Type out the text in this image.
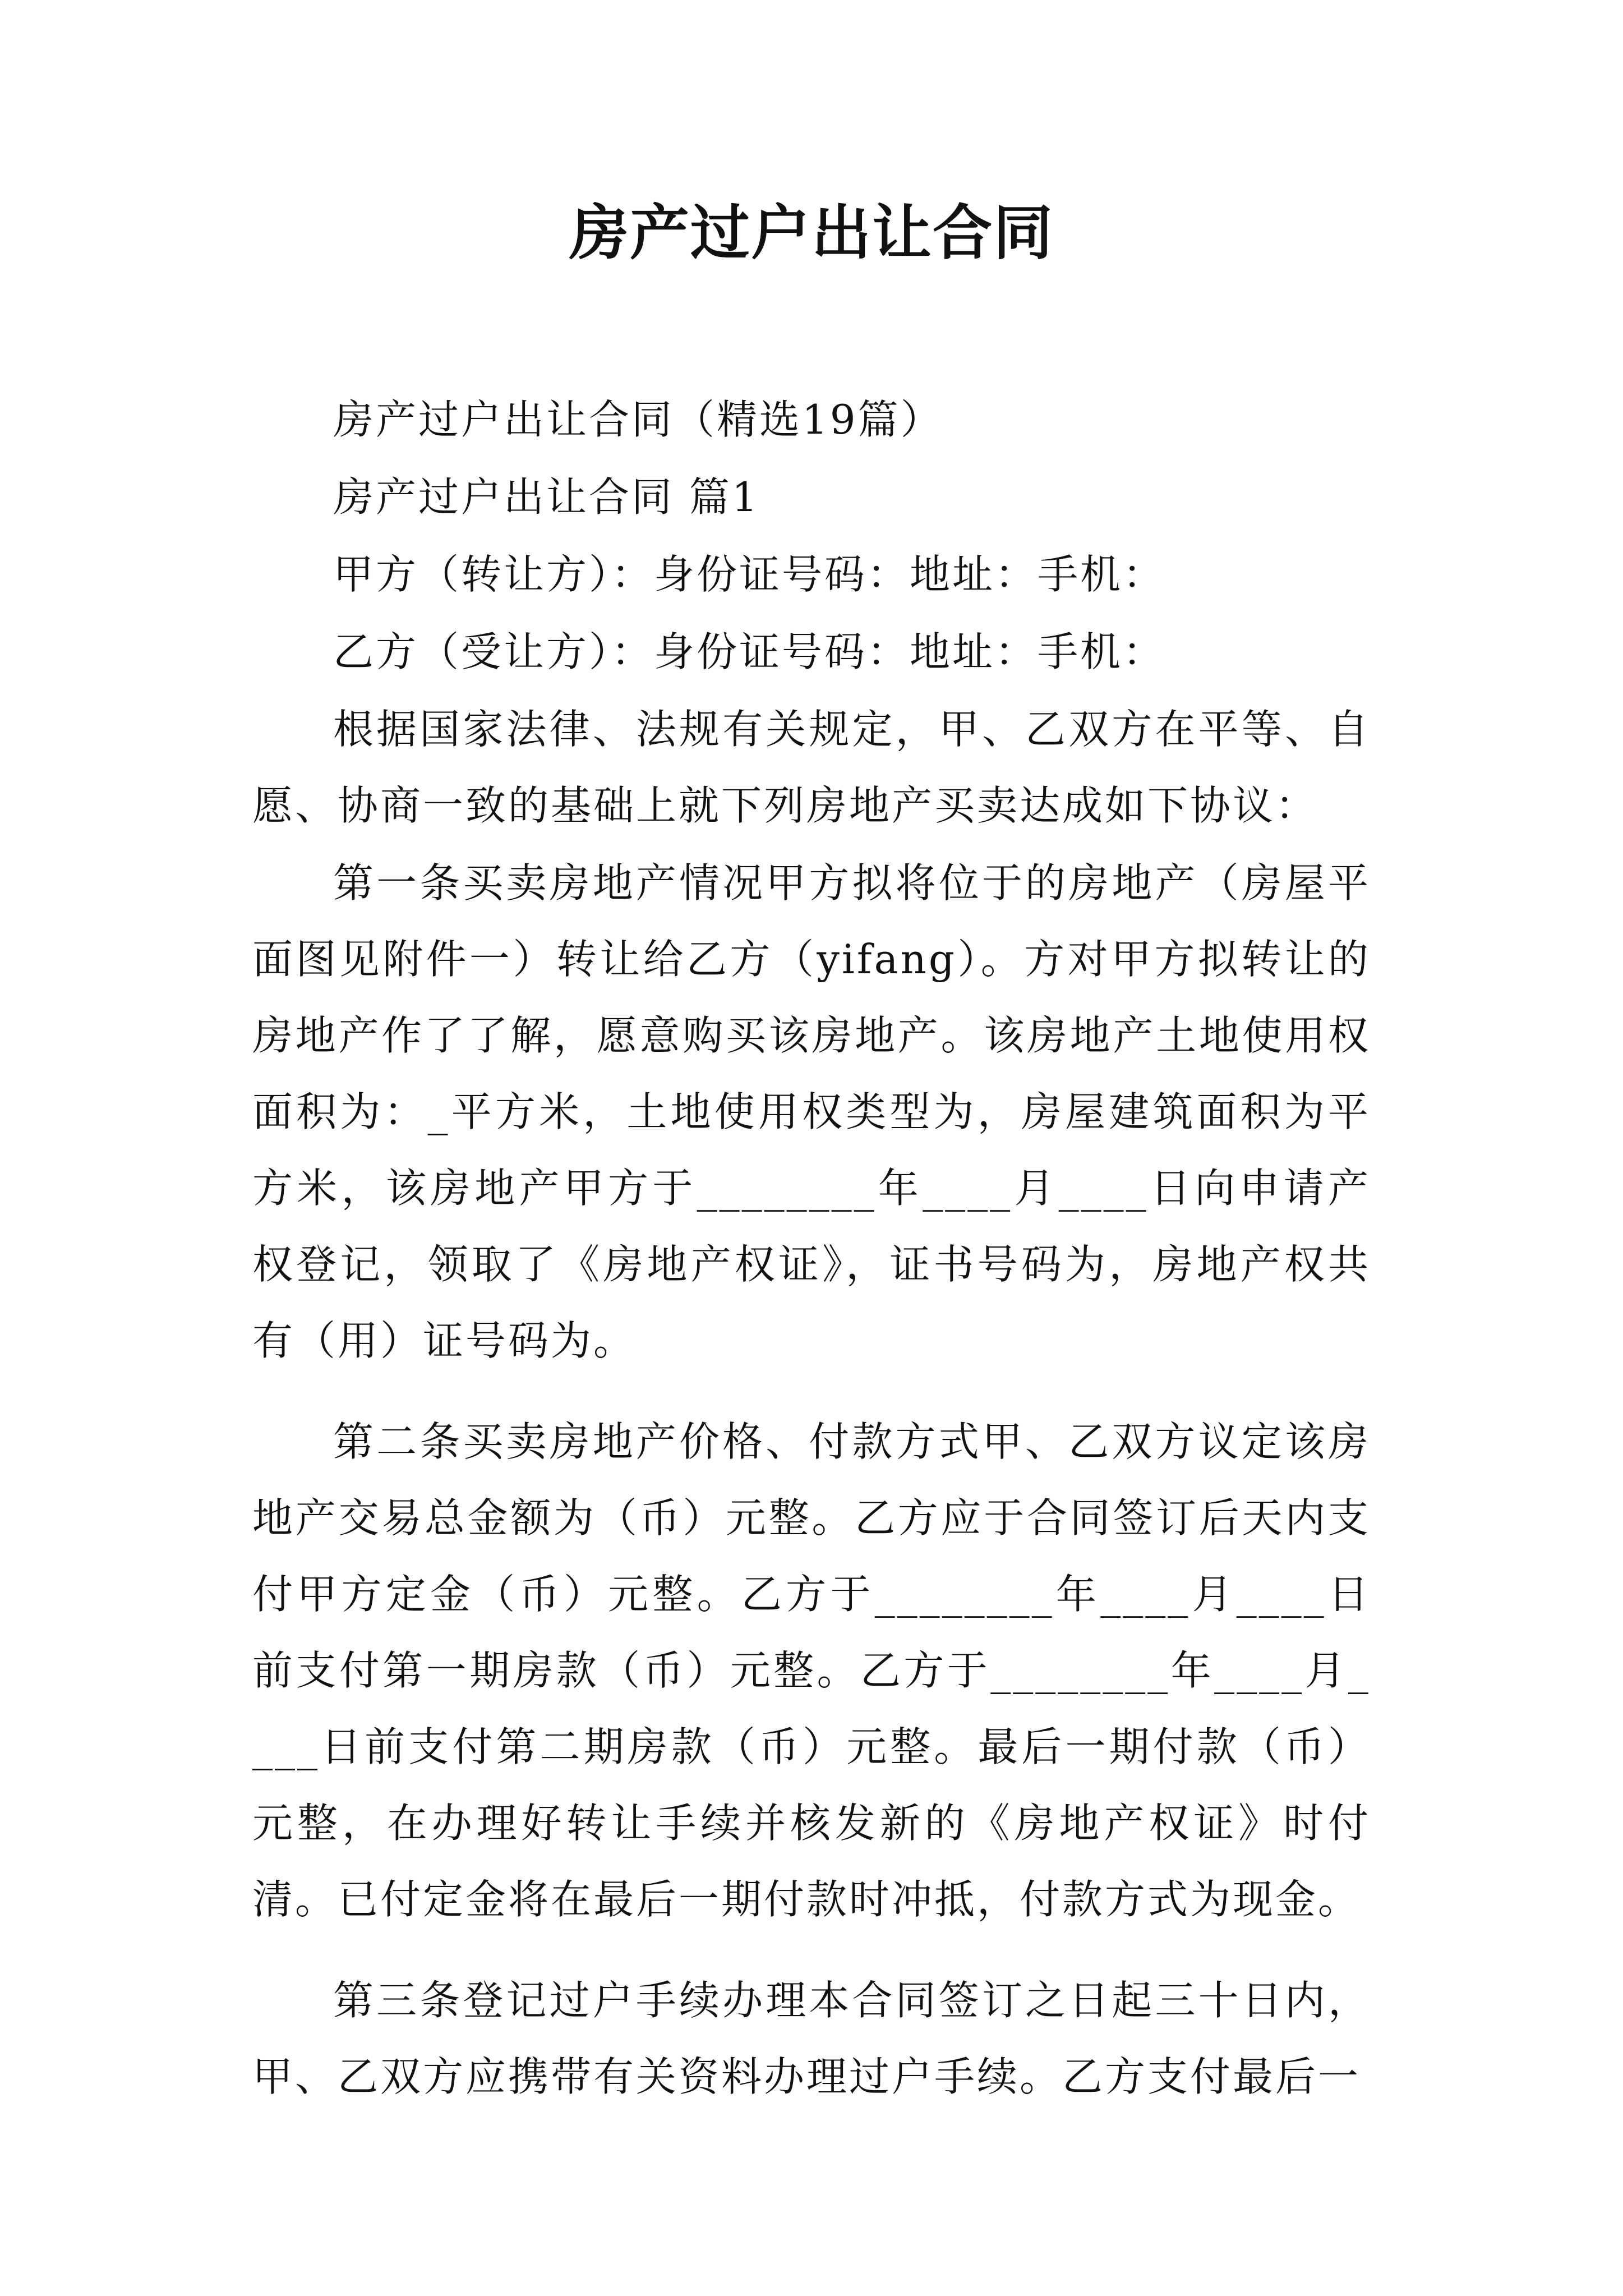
房产过户出让合同

房产过户出让合同（精选19篇）

房产过户出让合同 篇1

甲方（转让方）：身份证号码：地址：手机：

乙方（受让方）：身份证号码：地址：手机：

根据国家法律、法规有关规定，甲、乙双方在平等、自愿、协商一致的基础上就下列房地产买卖达成如下协议：

第一条买卖房地产情况甲方拟将位于的房地产（房屋平面图见附件一）转让给乙方（yifang）。方对甲方拟转让的房地产作了了解，愿意购买该房地产。该房地产土地使用权面积为：_平方米，土地使用权类型为，房屋建筑面积为平方米，该房地产甲方于________年____月____日向申请产权登记，领取了《房地产权证》，证书号码为，房地产权共有（用）证号码为。

第二条买卖房地产价格、付款方式甲、乙双方议定该房地产交易总金额为（币）元整。乙方应于合同签订后天内支付甲方定金（币）元整。乙方于________年____月____日前支付第一期房款（币）元整。乙方于________年____月____日前支付第二期房款（币）元整。最后一期付款（币）元整，在办理好转让手续并核发新的《房地产权证》时付清。已付定金将在最后一期付款时冲抵，付款方式为现金。

第三条登记过户手续办理本合同签订之日起三十日内，甲、乙双方应携带有关资料办理过户手续。乙方支付最后一
